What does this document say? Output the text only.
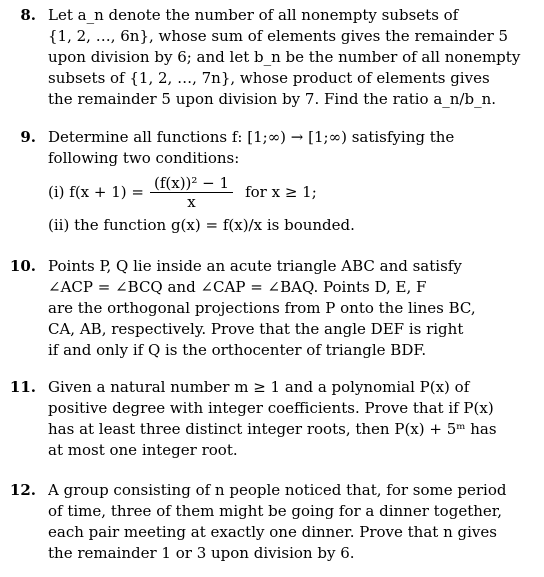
8. Let a_n denote the number of all nonempty subsets of
{1, 2, …, 6n}, whose sum of elements gives the remainder 5
upon division by 6; and let b_n be the number of all nonempty
subsets of {1, 2, …, 7n}, whose product of elements gives
the remainder 5 upon division by 7. Find the ratio a_n/b_n.
9. Determine all functions f: [1;∞) → [1;∞) satisfying the
following two conditions:
(i) $f(x + 1) = \frac{\text{(f(x))² − 1}}{x}$ for x ≥ 1;
(ii) the function g(x) = f(x)/x is bounded.
10. Points P, Q lie inside an acute triangle ABC and satisfy
∠ACP = ∠BCQ and ∠CAP = ∠BAQ. Points D, E, F
are the orthogonal projections from P onto the lines BC,
CA, AB, respectively. Prove that the angle DEF is right
if and only if Q is the orthocenter of triangle BDF.
11. Given a natural number m ≥ 1 and a polynomial P(x) of
positive degree with integer coefficients. Prove that if P(x)
has at least three distinct integer roots, then P(x) + 5ᵐ has
at most one integer root.
12. A group consisting of n people noticed that, for some period
of time, three of them might be going for a dinner together,
each pair meeting at exactly one dinner. Prove that n gives
the remainder 1 or 3 upon division by 6.
